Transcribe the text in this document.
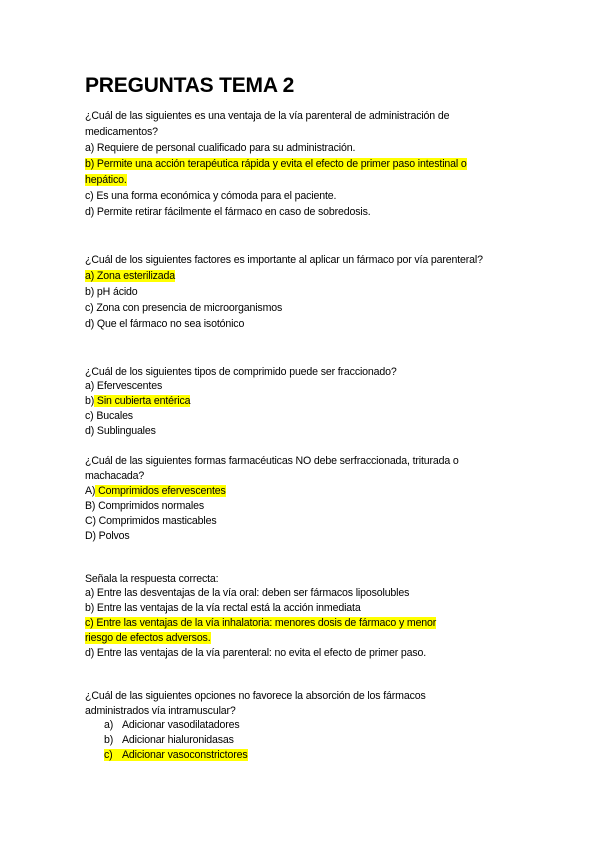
PREGUNTAS TEMA 2
¿Cuál de las siguientes es una ventaja de la vía parenteral de administración de
medicamentos?
a) Requiere de personal cualificado para su administración.
b) Permite una acción terapéutica rápida y evita el efecto de primer paso intestinal o
hepático.
c) Es una forma económica y cómoda para el paciente.
d) Permite retirar fácilmente el fármaco en caso de sobredosis.
¿Cuál de los siguientes factores es importante al aplicar un fármaco por vía parenteral?
a) Zona esterilizada
b) pH ácido
c) Zona con presencia de microorganismos
d) Que el fármaco no sea isotónico
¿Cuál de los siguientes tipos de comprimido puede ser fraccionado?
a) Efervescentes
b) Sin cubierta entérica
c) Bucales
d) Sublinguales
¿Cuál de las siguientes formas farmacéuticas NO debe serfraccionada, triturada o
machacada?
A) Comprimidos efervescentes
B) Comprimidos normales
C) Comprimidos masticables
D) Polvos
Señala la respuesta correcta:
a) Entre las desventajas de la vía oral: deben ser fármacos liposolubles
b) Entre las ventajas de la vía rectal está la acción inmediata
c) Entre las ventajas de la vía inhalatoria: menores dosis de fármaco y menor
riesgo de efectos adversos.
d) Entre las ventajas de la vía parenteral: no evita el efecto de primer paso.
¿Cuál de las siguientes opciones no favorece la absorción de los fármacos
administrados vía intramuscular?
a) Adicionar vasodilatadores
b) Adicionar hialuronidasas
c) Adicionar vasoconstrictores
